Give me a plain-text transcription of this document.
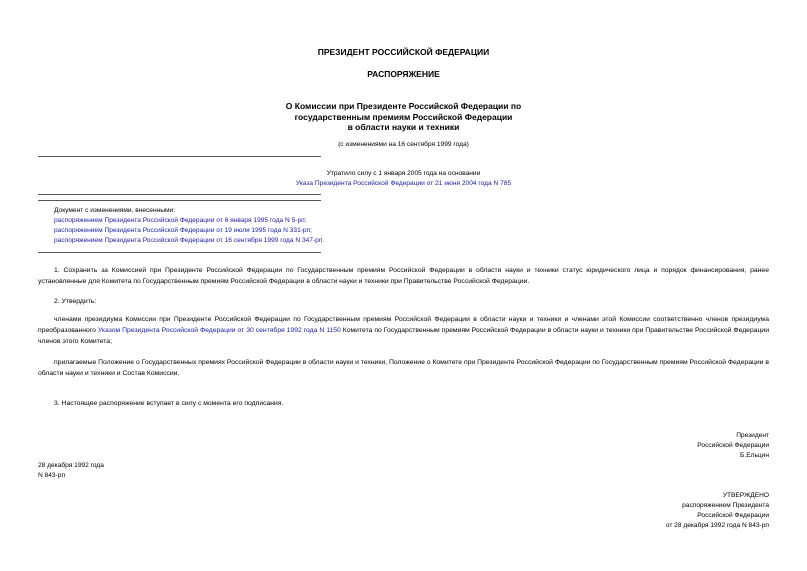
ПРЕЗИДЕНТ РОССИЙСКОЙ ФЕДЕРАЦИИ
РАСПОРЯЖЕНИЕ
О Комиссии при Президенте Российской Федерации по
государственным премиям Российской Федерации
в области науки и техники
(с изменениями на 16 сентября 1999 года)
Утратило силу с 1 января 2005 года на основании
Указа Президента Российской Федерации от 21 июня 2004 года N 785
Документ с изменениями, внесенными:
распоряжением Президента Российской Федерации от 6 января 1995 года N 5-рп;
распоряжением Президента Российской Федерации от 19 июля 1995 года N 331-рп;
распоряжением Президента Российской Федерации от 16 сентября 1999 года N 347-рп.
1. Сохранить за Комиссией при Президенте Российской Федерации по Государственным премиям Российской Федерации в области науки и техники статус юридического лица и порядок финансирования, ранее установленные для Комитета по Государственным премиям Российской Федерации в области науки и техники при Правительстве Российской Федерации.
2. Утвердить:
членами президиума Комиссии при Президенте Российской Федерации по Государственным премиям Российской Федерации в области науки и техники и членами этой Комиссии соответственно членов президиума преобразованного Указом Президента Российской Федерации от 30 сентября 1992 года N 1150 Комитета по Государственным премиям Российской Федерации в области науки и техники при Правительстве Российской Федерации членов этого Комитета;
прилагаемые Положение о Государственных премиях Российской Федерации в области науки и техники, Положение о Комитете при Президенте Российской Федерации по Государственным премиям Российской Федерации в области науки и техники и Состав Комиссии.
3. Настоящее распоряжение вступает в силу с момента его подписания.
Президент
Российской Федерации
Б.Ельцин
28 декабря 1992 года
N 843-рп
УТВЕРЖДЕНО
распоряжением Президента
Российской Федерации
от 28 декабря 1992 года N 843-рп
